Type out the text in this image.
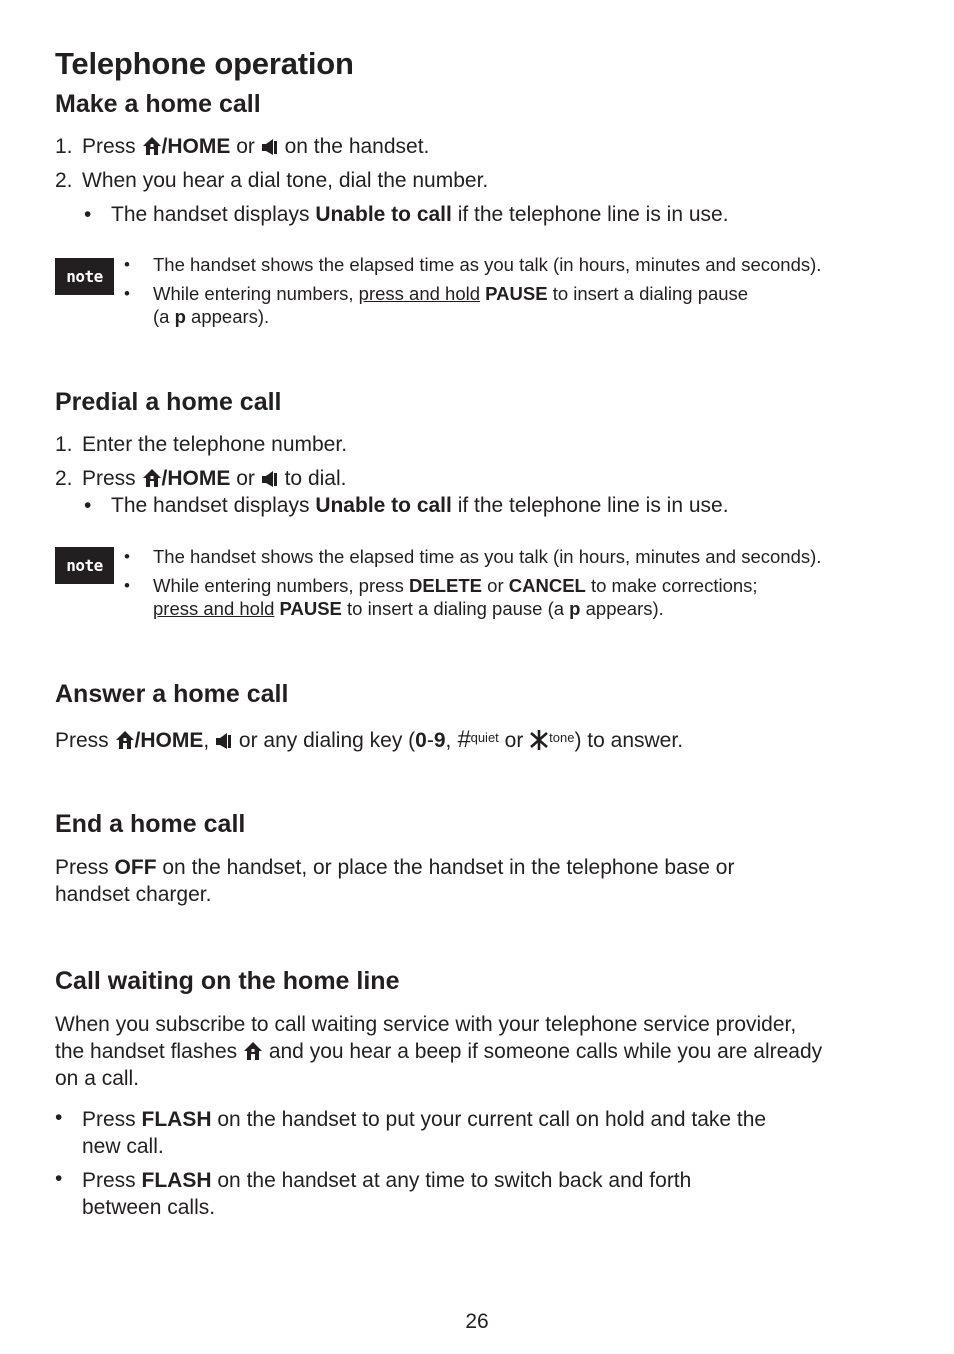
Telephone operation
Make a home call
1. Press /HOME or on the handset.
2. When you hear a dial tone, dial the number.
• The handset displays Unable to call if the telephone line is in use.
note
• The handset shows the elapsed time as you talk (in hours, minutes and seconds).
• While entering numbers, press and hold PAUSE to insert a dialing pause
(a p appears).
Predial a home call
1. Enter the telephone number.
2. Press /HOME or to dial.
• The handset displays Unable to call if the telephone line is in use.
note	• The handset shows the elapsed time as you talk (in hours, minutes and seconds).
• While entering numbers, press DELETE or CANCEL to make corrections;
press and hold PAUSE to insert a dialing pause (a p appears).
Answer a home call
Press /HOME, or any dialing key (0-9, #$^{quiet}$ or $^{tone}$) to answer.
End a home call
Press OFF on the handset, or place the handset in the telephone base or
handset charger.
Call waiting on the home line
When you subscribe to call waiting service with your telephone service provider,
the handset flashes and you hear a beep if someone calls while you are already
on a call.
• Press FLASH on the handset to put your current call on hold and take the
new call.
• Press FLASH on the handset at any time to switch back and forth
between calls.
26
